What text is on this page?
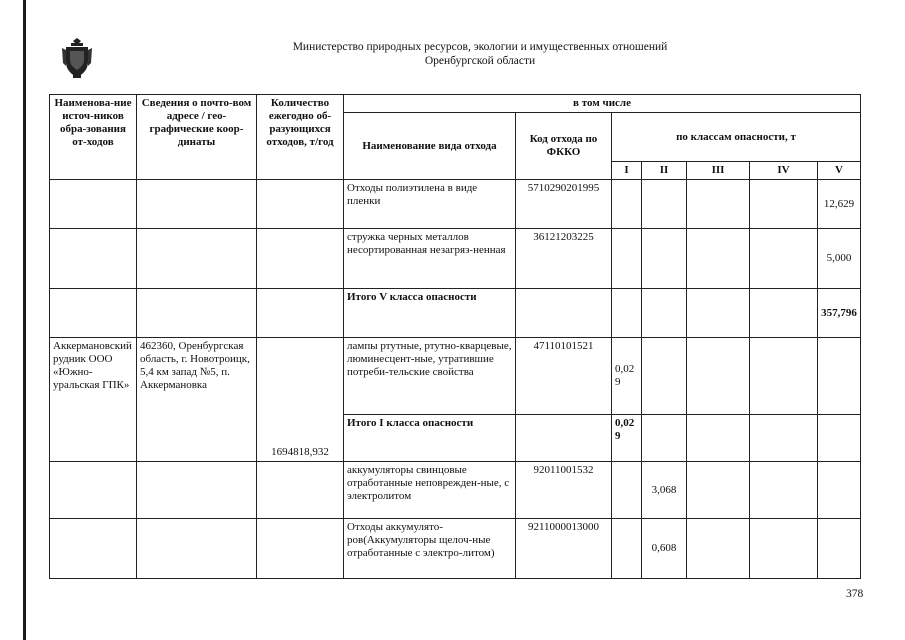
Министерство природных ресурсов, экологии и имущественных отношений
Оренбургской области
Наименова-ние источ-ников обра-зования от-ходов	Сведения о почто-вом адресе / гео-графические коор-динаты	Количество ежегодно об-разующихся отходов, т/год	в том числе						
			Наименование вида отхода	Код отхода по ФККО	по классам опасности, т				
					I	II	III	IV	V
			Отходы полиэтилена в виде пленки	5710290201995					12,629
			стружка черных металлов несортированная незагряз-ненная	36121203225					5,000
			Итого V класса опасности						357,796
Аккермановский рудник ООО «Южно-уральская ГПК»	462360, Оренбургская область, г. Новотроицк, 5,4 км запад №5, п. Аккермановка	1694818,932	лампы ртутные, ртутно-кварцевые, люминесцент-ные, утратившие потреби-тельские свойства	47110101521	0,029				
			Итого I класса опасности		0,029				
			аккумуляторы свинцовые отработанные неповрежден-ные, с электролитом	92011001532		3,068			
			Отходы аккумулято-ров(Аккумуляторы щелоч-ные отработанные с электро-литом)	9211000013000		0,608			
378
